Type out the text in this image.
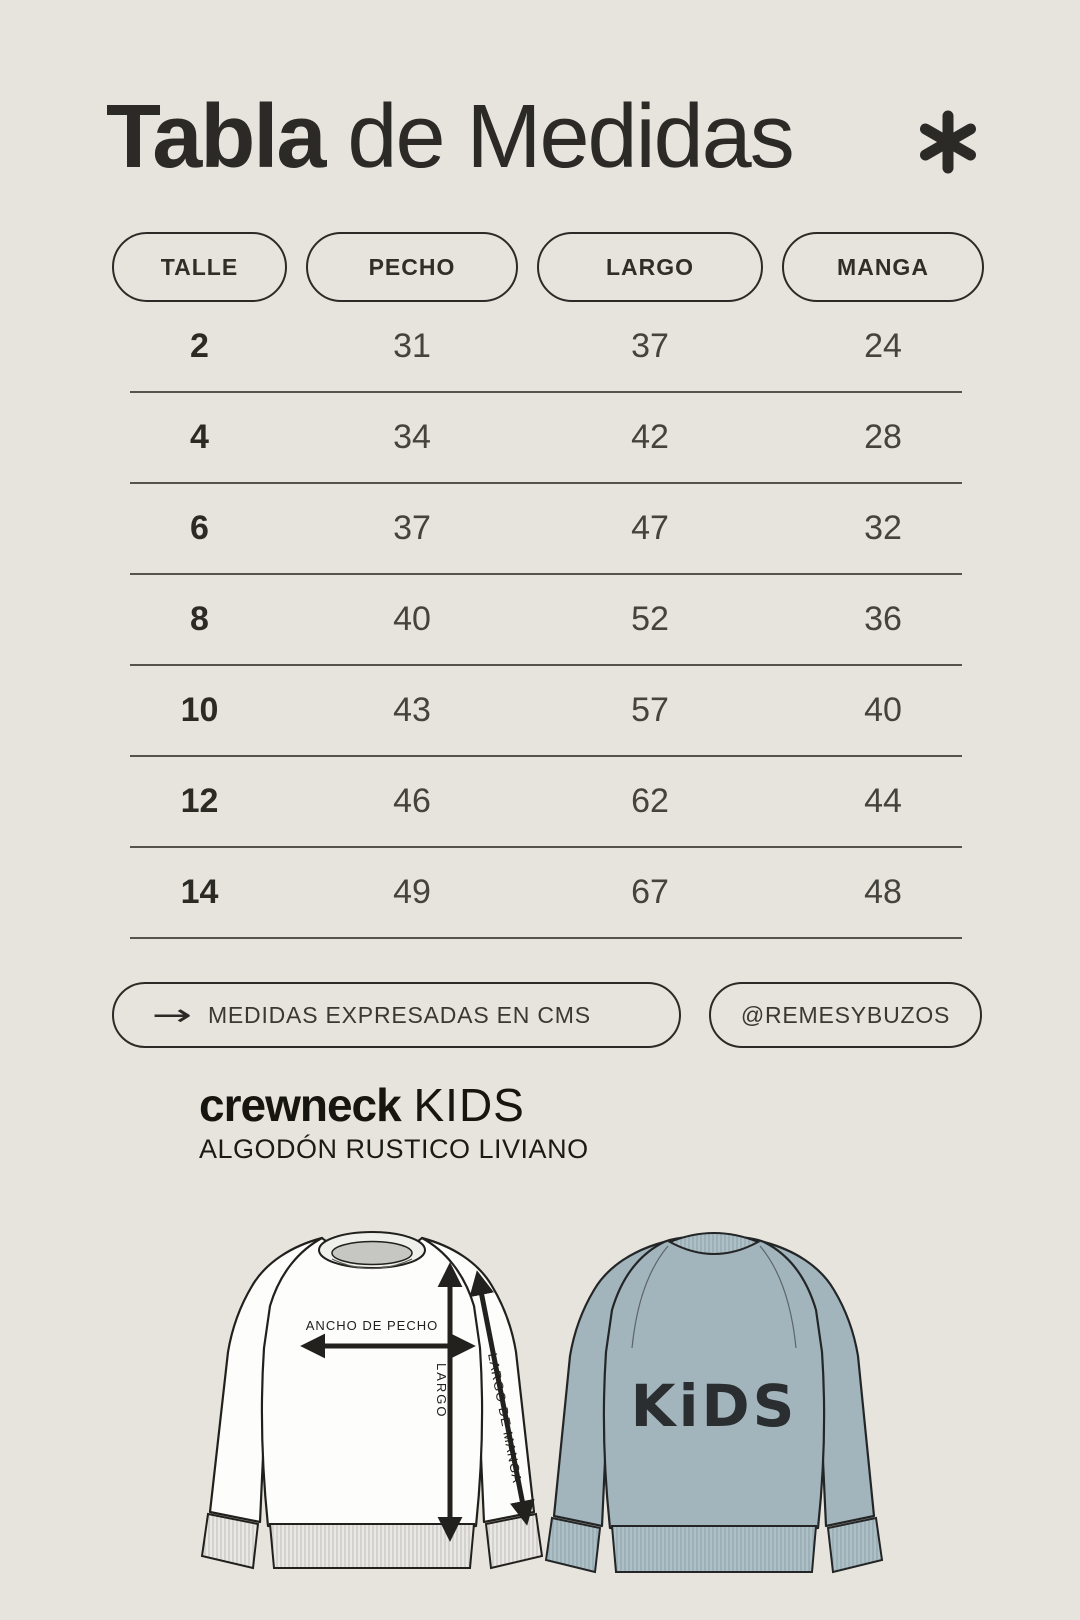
Tabla de Medidas
TALLE	PECHO	LARGO	MANGA
2	31	37	24
4	34	42	28
6	37	47	32
8	40	52	36
10	43	57	40
12	46	62	44
14	49	67	48
→ MEDIDAS EXPRESADAS EN CMS	@REMESYBUZOS
crewneck KIDS
ALGODÓN RUSTICO LIVIANO
ANCHO DE PECHO
LARGO	LARGO DE MANGA KiDS
